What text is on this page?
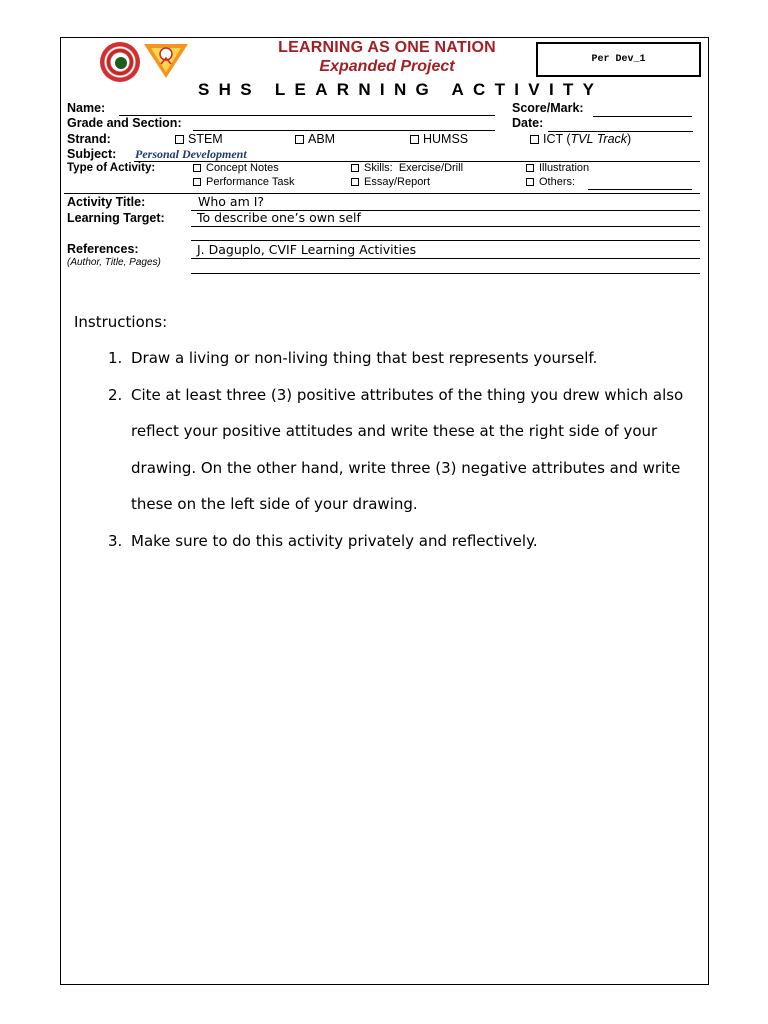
LEARNING AS ONE NATION
Expanded Project	Per Dev_1
SHS LEARNING ACTIVITY
Name:	Score/Mark:
Grade and Section:	Date:
Strand:	STEM	ABM	HUMSS	ICT ( TVL Track )
Subject: Personal Development
Type of Activity:	Concept Notes	Skills:  Exercise/Drill	Illustration
Performance Task	Essay/Report	Others:
Activity Title:	Who am I?
Learning Target:	To describe one’s own self
References:
(Author, Title, Pages)
J. Daguplo, CVIF Learning Activities
Instructions:
1. Draw a living or non-living thing that best represents yourself.
2. Cite at least three (3) positive attributes of the thing you drew which also reflect your positive attitudes and write these at the right side of your drawing. On the other hand, write three (3) negative attributes and write these on the left side of your drawing.
3. Make sure to do this activity privately and reflectively.
